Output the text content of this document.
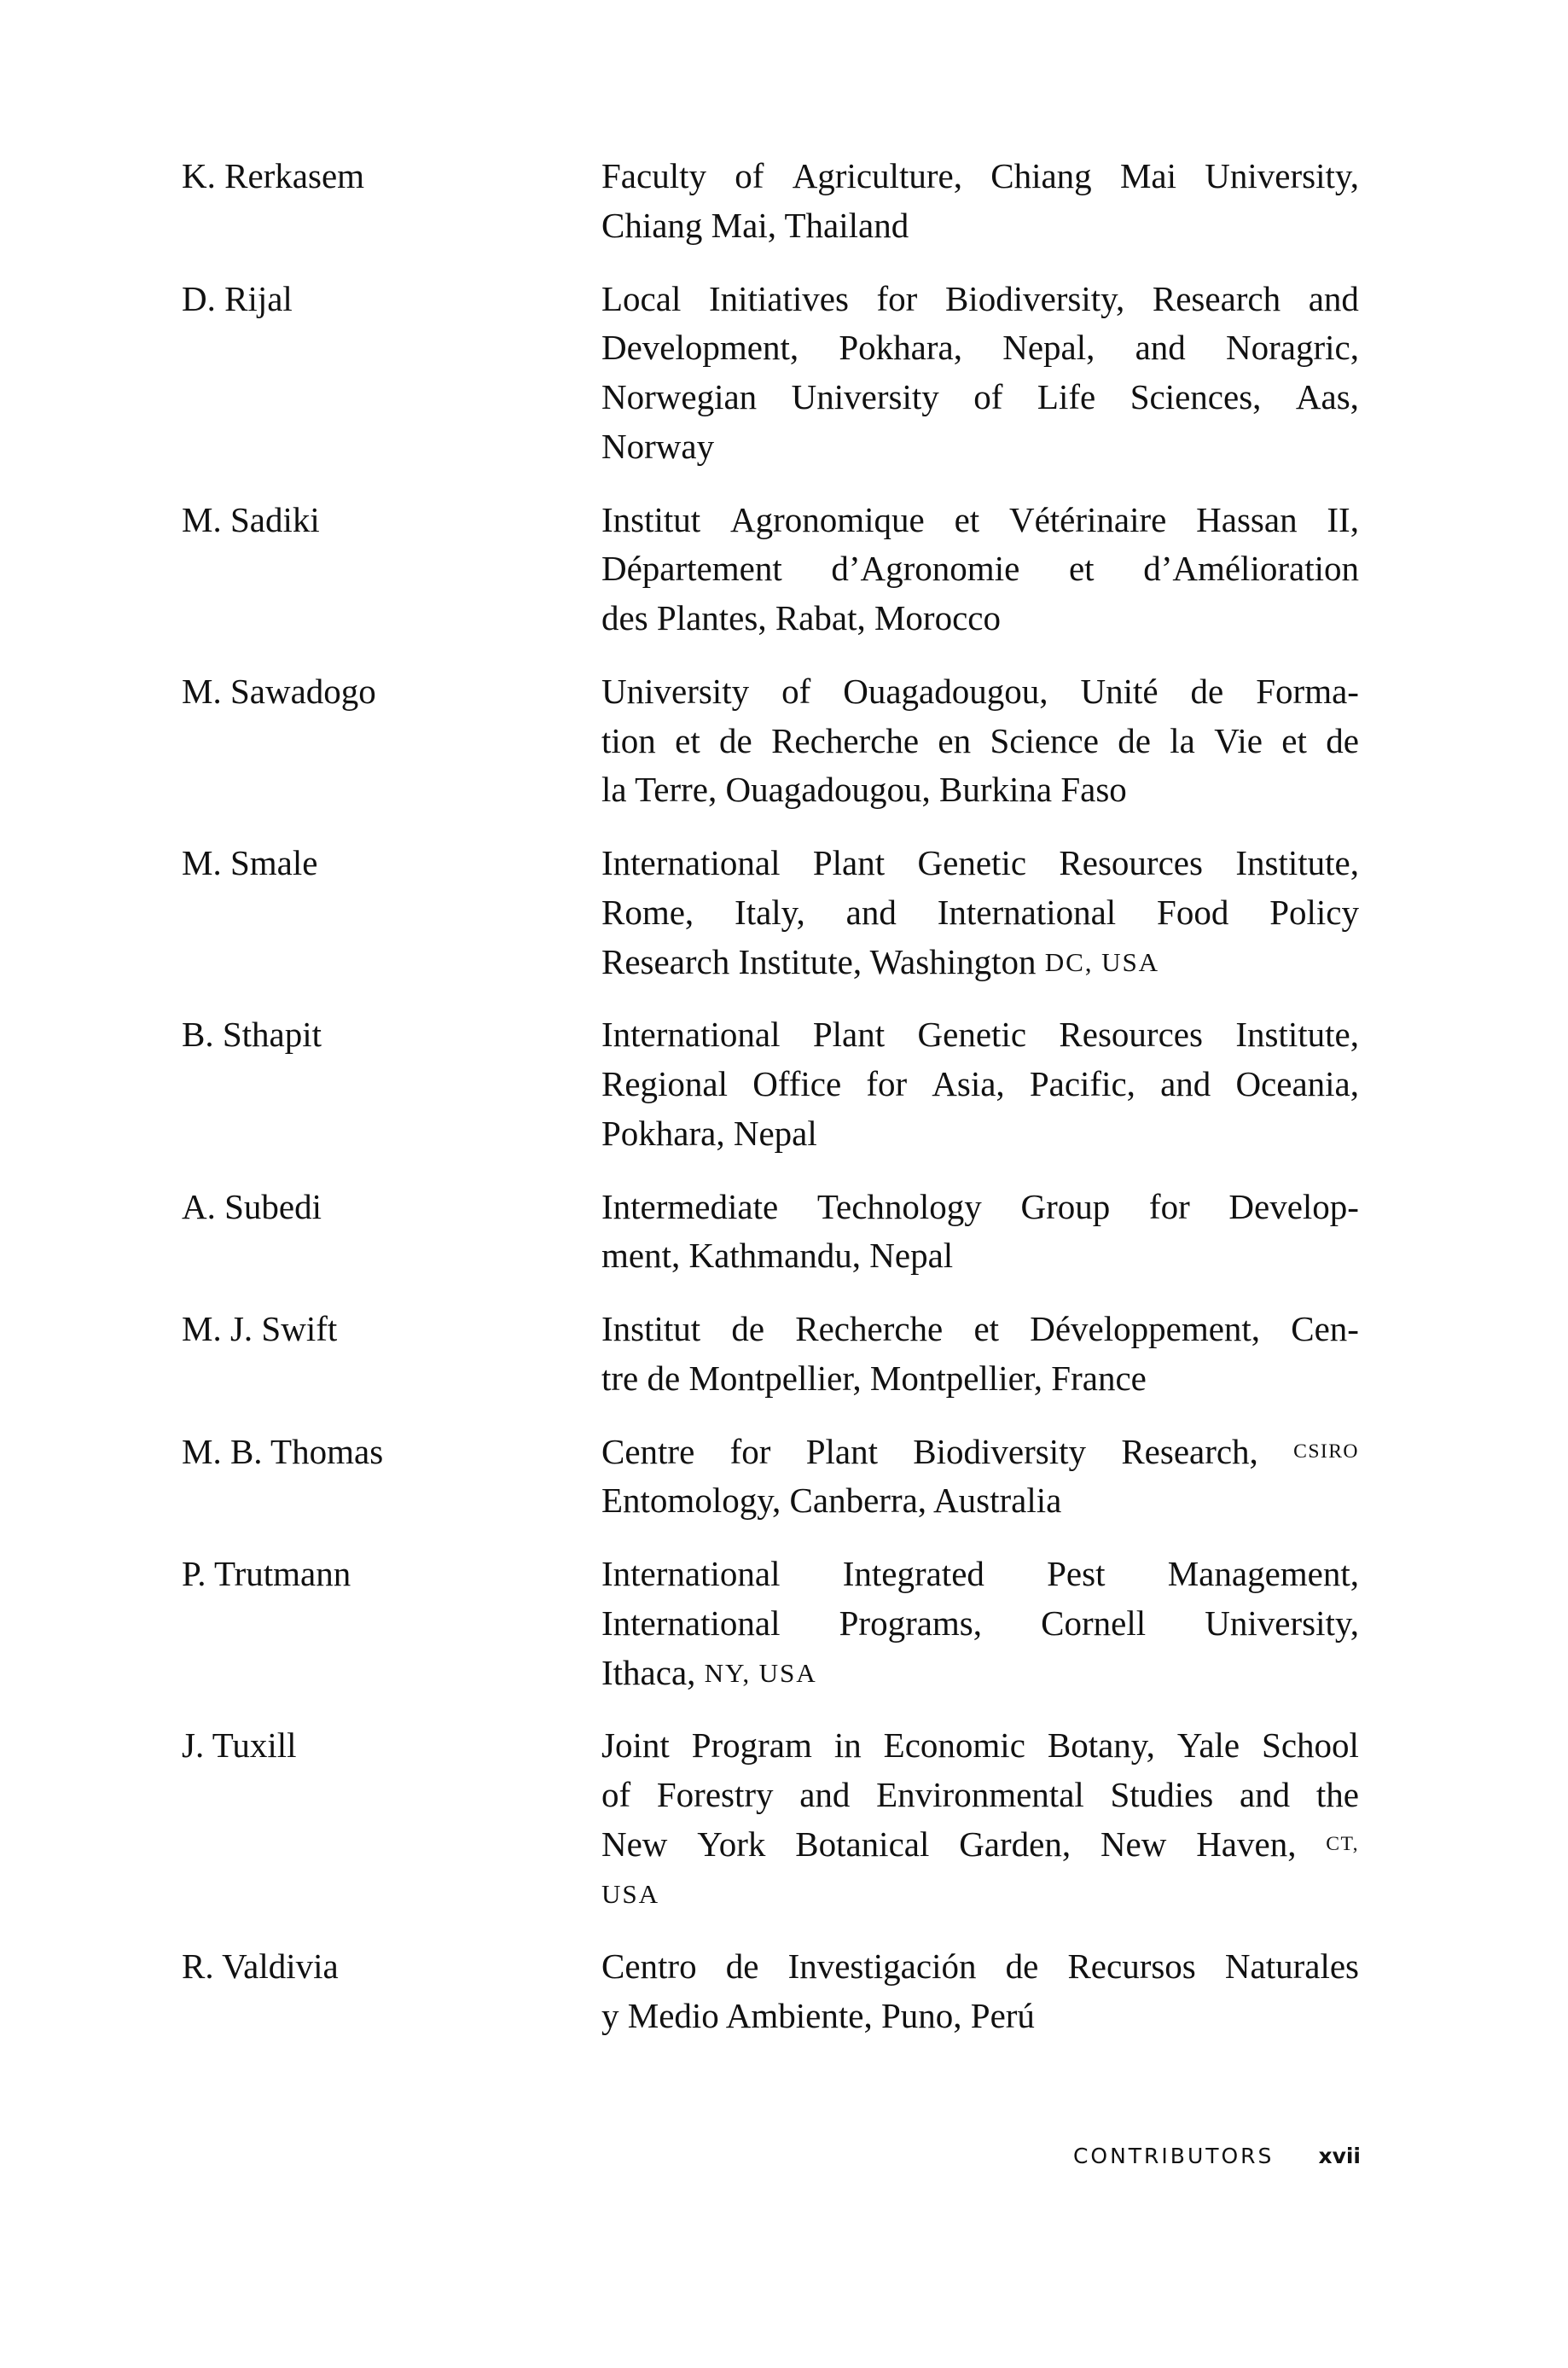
K. Rerkasem	Faculty of Agriculture, Chiang Mai University,
Chiang Mai, Thailand
D. Rijal	Local Initiatives for Biodiversity, Research and
Development, Pokhara, Nepal, and Noragric,
Norwegian University of Life Sciences, Aas,
Norway
M. Sadiki	Institut Agronomique et Vétérinaire Hassan II,
Département d’Agronomie et d’Amélioration
des Plantes, Rabat, Morocco
M. Sawadogo	University of Ouagadougou, Unité de Forma-
tion et de Recherche en Science de la Vie et de
la Terre, Ouagadougou, Burkina Faso
M. Smale	International Plant Genetic Resources Institute,
Rome, Italy, and International Food Policy
Research Institute, Washington DC, USA
B. Sthapit	International Plant Genetic Resources Institute,
Regional Office for Asia, Pacific, and Oceania,
Pokhara, Nepal
A. Subedi	Intermediate Technology Group for Develop-
ment, Kathmandu, Nepal
M. J. Swift	Institut de Recherche et Développement, Cen-
tre de Montpellier, Montpellier, France
M. B. Thomas	Centre for Plant Biodiversity Research, CSIRO
Entomology, Canberra, Australia
P. Trutmann	International Integrated Pest Management,
International Programs, Cornell University,
Ithaca, NY, USA
J. Tuxill	Joint Program in Economic Botany, Yale School
of Forestry and Environmental Studies and the
New York Botanical Garden, New Haven, CT,
USA
R. Valdivia	Centro de Investigación de Recursos Naturales
y Medio Ambiente, Puno, Perú
CONTRIBUTORS xvii
